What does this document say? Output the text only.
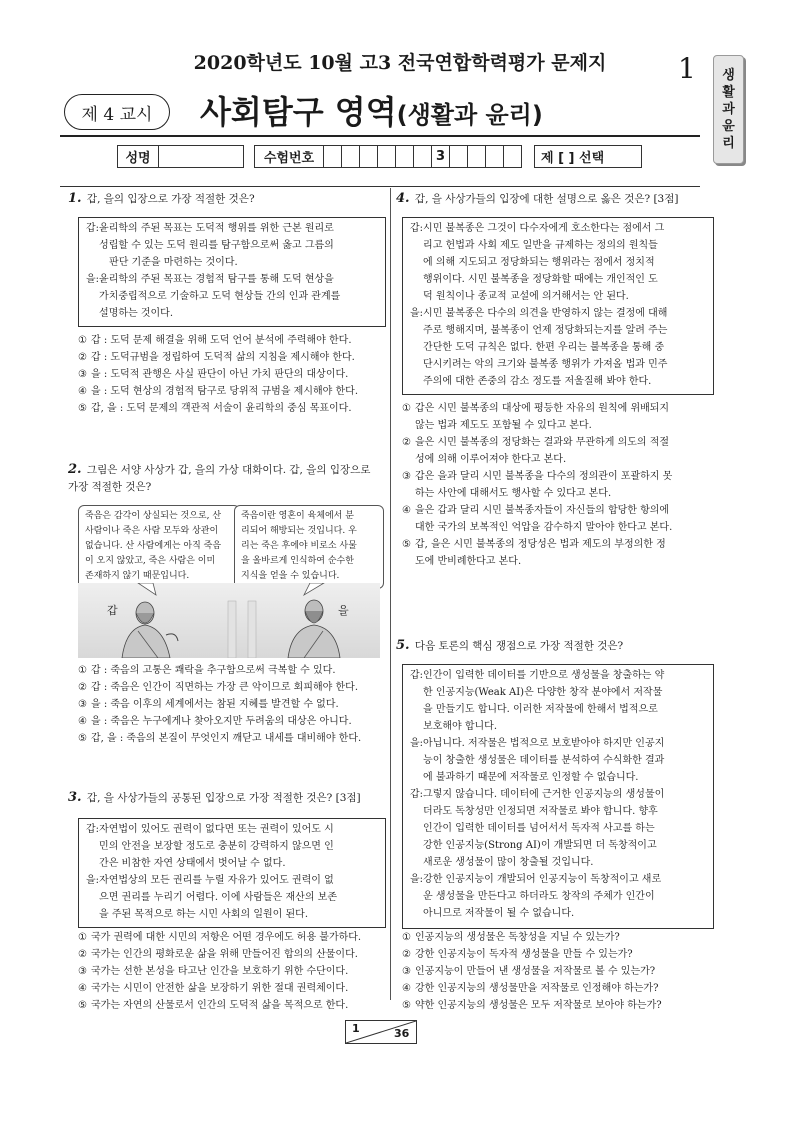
2020학년도 10월 고3 전국연합학력평가 문제지	1 생
활
과
윤
리
제 4 교시	사회탐구 영역(생활과 윤리)
성명	수험번호	3	제 [ ] 선택
1. 갑, 을의 입장으로 가장 적절한 것은?
갑: 윤리학의 주된 목표는 도덕적 행위를 위한 근본 원리로
성립할 수 있는 도덕 원리를 탐구함으로써 옳고 그름의
판단 기준을 마련하는 것이다.
을: 윤리학의 주된 목표는 경험적 탐구를 통해 도덕 현상을
가치중립적으로 기술하고 도덕 현상들 간의 인과 관계를
설명하는 것이다.
① 갑 : 도덕 문제 해결을 위해 도덕 언어 분석에 주력해야 한다.
② 갑 : 도덕규범을 정립하여 도덕적 삶의 지침을 제시해야 한다.
③ 을 : 도덕적 관행은 사실 판단이 아닌 가치 판단의 대상이다.
④ 을 : 도덕 현상의 경험적 탐구로 당위적 규범을 제시해야 한다.
⑤ 갑, 을 : 도덕 문제의 객관적 서술이 윤리학의 중심 목표이다.
2. 그림은 서양 사상가 갑, 을의 가상 대화이다. 갑, 을의 입장으로
가장 적절한 것은?
죽음은 감각이 상실되는 것으로, 산
사람이나 죽은 사람 모두와 상관이
없습니다. 산 사람에게는 아직 죽음
이 오지 않았고, 죽은 사람은 이미
존재하지 않기 때문입니다.
죽음이란 영혼이 육체에서 분
리되어 해방되는 것입니다. 우
리는 죽은 후에야 비로소 사물
을 올바르게 인식하여 순수한
지식을 얻을 수 있습니다.
갑	을
① 갑 : 죽음의 고통은 쾌락을 추구함으로써 극복할 수 있다.
② 갑 : 죽음은 인간이 직면하는 가장 큰 악이므로 회피해야 한다.
③ 을 : 죽음 이후의 세계에서는 참된 지혜를 발견할 수 없다.
④ 을 : 죽음은 누구에게나 찾아오지만 두려움의 대상은 아니다.
⑤ 갑, 을 : 죽음의 본질이 무엇인지 깨닫고 내세를 대비해야 한다.
3. 갑, 을 사상가들의 공통된 입장으로 가장 적절한 것은? [3점]
갑: 자연법이 있어도 권력이 없다면 또는 권력이 있어도 시
민의 안전을 보장할 정도로 충분히 강력하지 않으면 인
간은 비참한 자연 상태에서 벗어날 수 없다.
을: 자연법상의 모든 권리를 누릴 자유가 있어도 권력이 없
으면 권리를 누리기 어렵다. 이에 사람들은 재산의 보존
을 주된 목적으로 하는 시민 사회의 일원이 된다.
① 국가 권력에 대한 시민의 저항은 어떤 경우에도 허용 불가하다.
② 국가는 인간의 평화로운 삶을 위해 만들어진 합의의 산물이다.
③ 국가는 선한 본성을 타고난 인간을 보호하기 위한 수단이다.
④ 국가는 시민이 안전한 삶을 보장하기 위한 절대 권력체이다.
⑤ 국가는 자연의 산물로서 인간의 도덕적 삶을 목적으로 한다.
4. 갑, 을 사상가들의 입장에 대한 설명으로 옳은 것은? [3점]
갑: 시민 불복종은 그것이 다수자에게 호소한다는 점에서 그
리고 헌법과 사회 제도 일반을 규제하는 정의의 원칙들
에 의해 지도되고 정당화되는 행위라는 점에서 정치적
행위이다. 시민 불복종을 정당화할 때에는 개인적인 도
덕 원칙이나 종교적 교설에 의거해서는 안 된다.
을: 시민 불복종은 다수의 의견을 반영하지 않는 결정에 대해
주로 행해지며, 불복종이 언제 정당화되는지를 알려 주는
간단한 도덕 규칙은 없다. 한편 우리는 불복종을 통해 중
단시키려는 악의 크기와 불복종 행위가 가져올 법과 민주
주의에 대한 존중의 감소 정도를 저울질해 봐야 한다.
① 갑은 시민 불복종의 대상에 평등한 자유의 원칙에 위배되지
않는 법과 제도도 포함될 수 있다고 본다.
② 을은 시민 불복종의 정당화는 결과와 무관하게 의도의 적절
성에 의해 이루어져야 한다고 본다.
③ 갑은 을과 달리 시민 불복종을 다수의 정의관이 포괄하지 못
하는 사안에 대해서도 행사할 수 있다고 본다.
④ 을은 갑과 달리 시민 불복종자들이 자신들의 합당한 항의에
대한 국가의 보복적인 억압을 감수하지 말아야 한다고 본다.
⑤ 갑, 을은 시민 불복종의 정당성은 법과 제도의 부정의한 정
도에 반비례한다고 본다.
5. 다음 토론의 핵심 쟁점으로 가장 적절한 것은?
갑: 인간이 입력한 데이터를 기반으로 생성물을 창출하는 약
한 인공지능(Weak AI)은 다양한 창작 분야에서 저작물
을 만들기도 합니다. 이러한 저작물에 한해서 법적으로
보호해야 합니다.
을: 아닙니다. 저작물은 법적으로 보호받아야 하지만 인공지
능이 창출한 생성물은 데이터를 분석하여 수식화한 결과
에 불과하기 때문에 저작물로 인정할 수 없습니다.
갑: 그렇지 않습니다. 데이터에 근거한 인공지능의 생성물이
더라도 독창성만 인정되면 저작물로 봐야 합니다. 향후
인간이 입력한 데이터를 넘어서서 독자적 사고를 하는
강한 인공지능(Strong AI)이 개발되면 더 독창적이고
새로운 생성물이 많이 창출될 것입니다.
을: 강한 인공지능이 개발되어 인공지능이 독창적이고 새로
운 생성물을 만든다고 하더라도 창작의 주체가 인간이
아니므로 저작물이 될 수 없습니다.
① 인공지능의 생성물은 독창성을 지닐 수 있는가?
② 강한 인공지능이 독자적 생성물을 만들 수 있는가?
③ 인공지능이 만들어 낸 생성물을 저작물로 볼 수 있는가?
④ 강한 인공지능의 생성물만을 저작물로 인정해야 하는가?
⑤ 약한 인공지능의 생성물은 모두 저작물로 보아야 하는가?
1	36
